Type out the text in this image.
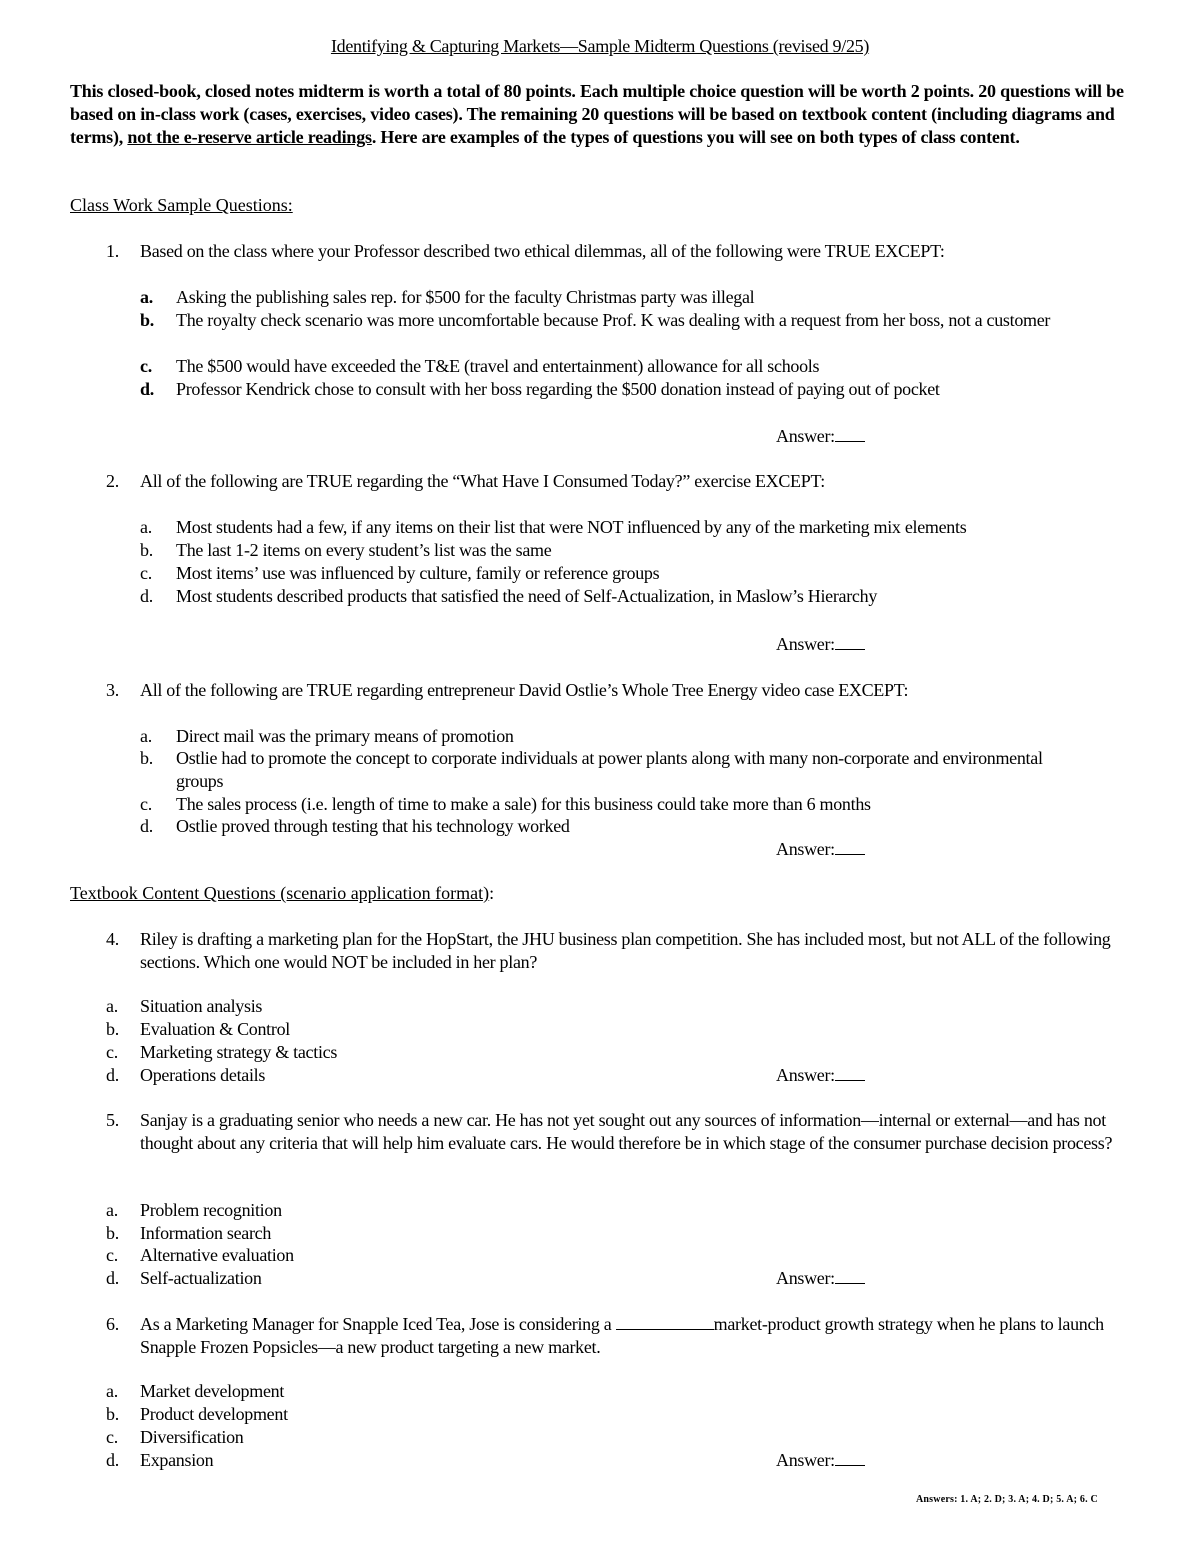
Identifying & Capturing Markets—Sample Midterm Questions (revised 9/25)
This closed-book, closed notes midterm is worth a total of 80 points. Each multiple choice question will be worth 2 points. 20 questions will be based on in-class work (cases, exercises, video cases). The remaining 20 questions will be based on textbook content (including diagrams and terms), not the e-reserve article readings. Here are examples of the types of questions you will see on both types of class content.
Class Work Sample Questions:
1. Based on the class where your Professor described two ethical dilemmas, all of the following were TRUE EXCEPT:
a. Asking the publishing sales rep. for $500 for the faculty Christmas party was illegal
b. The royalty check scenario was more uncomfortable because Prof. K was dealing with a request from her boss, not a customer
c. The $500 would have exceeded the T&E (travel and entertainment) allowance for all schools
d. Professor Kendrick chose to consult with her boss regarding the $500 donation instead of paying out of pocket
Answer:
2. All of the following are TRUE regarding the “What Have I Consumed Today?” exercise EXCEPT:
a. Most students had a few, if any items on their list that were NOT influenced by any of the marketing mix elements
b. The last 1-2 items on every student’s list was the same
c. Most items’ use was influenced by culture, family or reference groups
d. Most students described products that satisfied the need of Self-Actualization, in Maslow’s Hierarchy
Answer:
3. All of the following are TRUE regarding entrepreneur David Ostlie’s Whole Tree Energy video case EXCEPT:
a. Direct mail was the primary means of promotion
b. Ostlie had to promote the concept to corporate individuals at power plants along with many non-corporate and environmental groups
c. The sales process (i.e. length of time to make a sale) for this business could take more than 6 months
d. Ostlie proved through testing that his technology worked
Answer:
Textbook Content Questions (scenario application format):
4. Riley is drafting a marketing plan for the HopStart, the JHU business plan competition. She has included most, but not ALL of the following sections. Which one would NOT be included in her plan?
a. Situation analysis
b. Evaluation & Control
c. Marketing strategy & tactics
d. Operations details	Answer:
5. Sanjay is a graduating senior who needs a new car. He has not yet sought out any sources of information—internal or external—and has not thought about any criteria that will help him evaluate cars. He would therefore be in which stage of the consumer purchase decision process?
a. Problem recognition
b. Information search
c. Alternative evaluation
d. Self-actualization	Answer:
6. As a Marketing Manager for Snapple Iced Tea, Jose is considering a	market-product growth strategy when he plans to launch Snapple Frozen Popsicles—a new product targeting a new market.
a. Market development
b. Product development
c. Diversification
d. Expansion	Answer:
Answers: 1. A; 2. D; 3. A; 4. D; 5. A; 6. C
